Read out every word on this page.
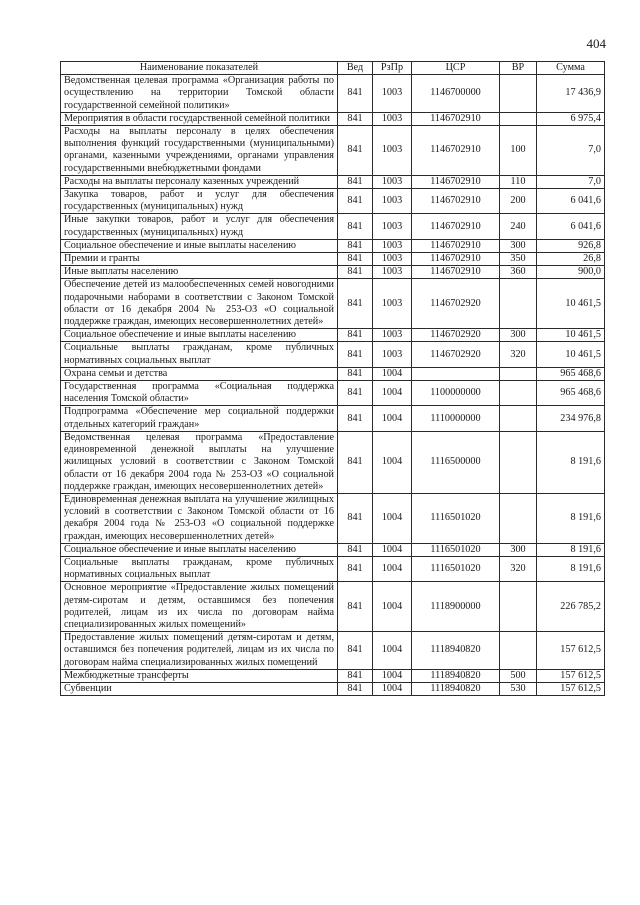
404
Наименование показателей	Вед	РзПр	ЦСР	ВР	Сумма
Ведомственная целевая программа «Организация работы по осуществлению на территории Томской области государственной семейной политики»	841	1003	1146700000		17 436,9
Мероприятия в области государственной семейной политики	841	1003	1146702910		6 975,4
Расходы на выплаты персоналу в целях обеспечения выполнения функций государственными (муниципальными) органами, казенными учреждениями, органами управления государственными внебюджетными фондами	841	1003	1146702910	100	7,0
Расходы на выплаты персоналу казенных учреждений	841	1003	1146702910	110	7,0
Закупка товаров, работ и услуг для обеспечения государственных (муниципальных) нужд	841	1003	1146702910	200	6 041,6
Иные закупки товаров, работ и услуг для обеспечения государственных (муниципальных) нужд	841	1003	1146702910	240	6 041,6
Социальное обеспечение и иные выплаты населению	841	1003	1146702910	300	926,8
Премии и гранты	841	1003	1146702910	350	26,8
Иные выплаты населению	841	1003	1146702910	360	900,0
Обеспечение детей из малообеспеченных семей новогодними подарочными наборами в соответствии с Законом Томской области от 16 декабря 2004 № 253-ОЗ «О социальной поддержке граждан, имеющих несовершеннолетних детей»	841	1003	1146702920		10 461,5
Социальное обеспечение и иные выплаты населению	841	1003	1146702920	300	10 461,5
Социальные выплаты гражданам, кроме публичных нормативных социальных выплат	841	1003	1146702920	320	10 461,5
Охрана семьи и детства	841	1004			965 468,6
Государственная программа «Социальная поддержка населения Томской области»	841	1004	1100000000		965 468,6
Подпрограмма «Обеспечение мер социальной поддержки отдельных категорий граждан»	841	1004	1110000000		234 976,8
Ведомственная целевая программа «Предоставление единовременной денежной выплаты на улучшение жилищных условий в соответствии с Законом Томской области от 16 декабря 2004 года № 253-ОЗ «О социальной поддержке граждан, имеющих несовершеннолетних детей»	841	1004	1116500000		8 191,6
Единовременная денежная выплата на улучшение жилищных условий в соответствии с Законом Томской области от 16 декабря 2004 года № 253-ОЗ «О социальной поддержке граждан, имеющих несовершеннолетних детей»	841	1004	1116501020		8 191,6
Социальное обеспечение и иные выплаты населению	841	1004	1116501020	300	8 191,6
Социальные выплаты гражданам, кроме публичных нормативных социальных выплат	841	1004	1116501020	320	8 191,6
Основное мероприятие «Предоставление жилых помещений детям-сиротам и детям, оставшимся без попечения родителей, лицам из их числа по договорам найма специализированных жилых помещений»	841	1004	1118900000		226 785,2
Предоставление жилых помещений детям-сиротам и детям, оставшимся без попечения родителей, лицам из их числа по договорам найма специализированных жилых помещений	841	1004	1118940820		157 612,5
Межбюджетные трансферты	841	1004	1118940820	500	157 612,5
Субвенции	841	1004	1118940820	530	157 612,5
